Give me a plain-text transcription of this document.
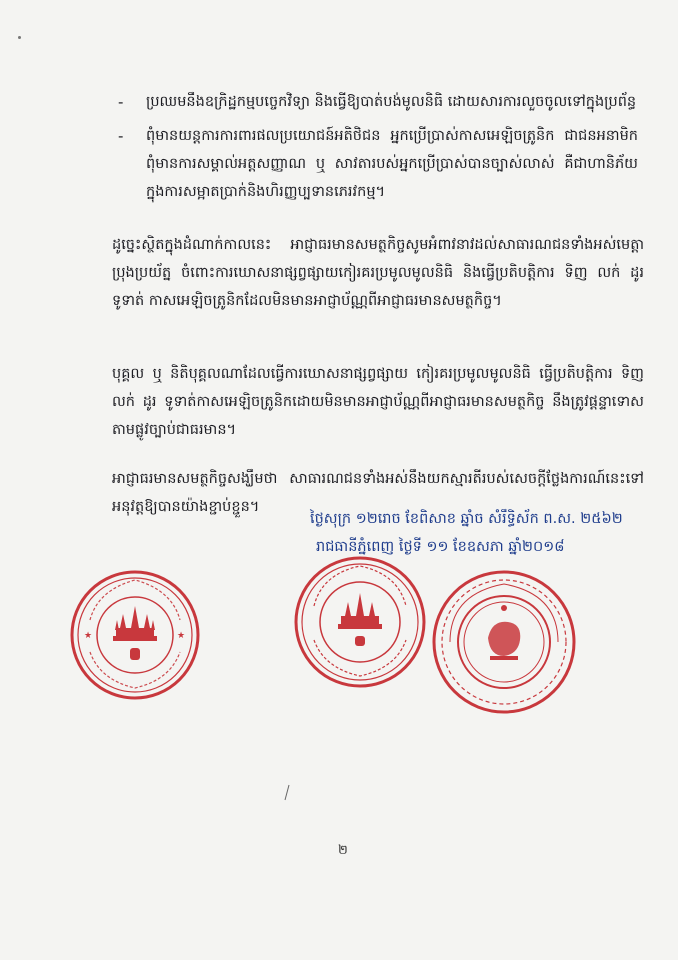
-	ប្រឈមនឹងឧក្រិដ្ឋកម្មបច្ចេកវិទ្យា និងធ្វើឱ្យបាត់បង់មូលនិធិ ដោយសារការលួចចូលទៅក្នុងប្រព័ន្ធ
-	ពុំមានយន្តការការពារផលប្រយោជន៍អតិថិជន អ្នកប្រើប្រាស់កាសអេឡិចត្រូនិក ជាជនអនាមិក ពុំមានការសម្គាល់អត្តសញ្ញាណ ឬ សាវតារបស់អ្នកប្រើប្រាស់បានច្បាស់លាស់ គឺជាហានិភ័យក្នុងការសម្អាតប្រាក់និងហិរញ្ញប្បទានភេរវកម្ម។

ដូច្នេះស្ថិតក្នុងដំណាក់កាលនេះ អាជ្ញាធរមានសមត្ថកិច្ចសូមអំពាវនាវដល់សាធារណជនទាំងអស់មេត្តាប្រុងប្រយ័ត្ន ចំពោះការឃោសនាផ្សព្វផ្សាយកៀរគរប្រមូលមូលនិធិ និងធ្វើប្រតិបត្តិការ ទិញ លក់ ដូរ ទូទាត់ កាសអេឡិចត្រូនិកដែលមិនមានអាជ្ញាប័ណ្ណពីអាជ្ញាធរមានសមត្ថកិច្ច។

បុគ្គល ឬ និតិបុគ្គលណាដែលធ្វើការឃោសនាផ្សព្វផ្សាយ កៀរគរប្រមូលមូលនិធិ ធ្វើប្រតិបត្តិការ ទិញ លក់ ដូរ ទូទាត់កាសអេឡិចត្រូនិកដោយមិនមានអាជ្ញាប័ណ្ណពីអាជ្ញាធរមានសមត្ថកិច្ច នឹងត្រូវផ្តន្ទាទោសតាមផ្លូវច្បាប់ជាធរមាន។

អាជ្ញាធរមានសមត្ថកិច្ចសង្ឃឹមថា សាធារណជនទាំងអស់នឹងយកស្មារតីរបស់សេចក្តីថ្លែងការណ៍នេះទៅអនុវត្តឱ្យបានយ៉ាងខ្ជាប់ខ្ជួន។

ថ្ងៃសុក្រ ១២រោច ខែពិសាខ ឆ្នាំច សំរឹទ្ធិស័ក ព.ស. ២៥៦២
រាជធានីភ្នំពេញ ថ្ងៃទី ១១ ខែឧសភា ឆ្នាំ២០១៨
★	★
២
